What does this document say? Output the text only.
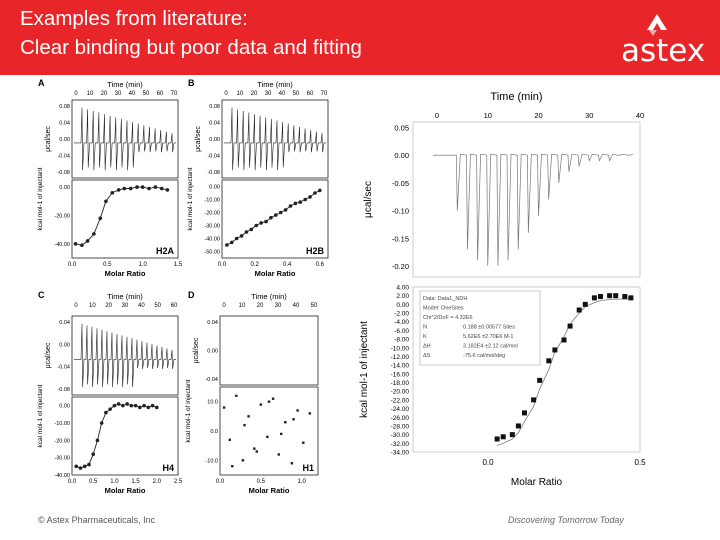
Examples from literature:
Clear binding but poor data and fitting	astex
A	Time (min)
0 10 20 30 40 50 60 70
0.08
0.04
0.00
-0.04
-0.08
μcal/sec
0.00
-20.00
-40.00
kcal mol-1 of injectant
0.0	0.5	1.0	1.5
Molar Ratio
H2A
B	Time (min)
0 10 20 30 40 50 60 70
0.08
0.04
0.00
-0.04
-0.08
μcal/sec
0.00
-10.00
-20.00
-30.00
-40.00
-50.00
kcal mol-1 of injectant
0.0	0.2	0.4	0.6
Molar Ratio
H2B
C	Time (min)
0 10 20 30 40 50 60
0.04
0.00
-0.04
-0.08
μcal/sec
0.00
-10.00
-20.00
-30.00
-40.00
kcal mol-1 of injectant
0.0 0.5 1.0 1.5 2.0 2.5
Molar Ratio
H4
D	Time (min)
0 10 20 30 40 50
0.04
0.00
-0.04
μcal/sec
10.0
0.0
-10.0
kcal mol-1 of injectant
0.0	0.5	1.0
Molar Ratio
H1
Time (min)
0	10	20	30	40
0.05
0.00
-0.05
-0.10
-0.15
-0.20
μcal/sec
4.00
2.00
0.00
-2.00
-4.00
-6.00
-8.00
-10.00
-12.00
-14.00
-16.00
-18.00
-20.00
-22.00
-24.00
-26.00
-28.00
-30.00
-32.00
-34.00
kcal mol-1 of injectant
0.0	0.5
Molar Ratio
Data: Data1_NDH
Model: OneSites
Chi^2/DoF = 4.32E6
N	0.188 ±0.00577 Sites
K	5.62E6 ±2.70E6 M-1
ΔH	3.182E4 ±2.12 cal/mol
ΔS	-75.6 cal/mol/deg
© Astex Pharmaceuticals, Inc	Discovering Tomorrow Today
